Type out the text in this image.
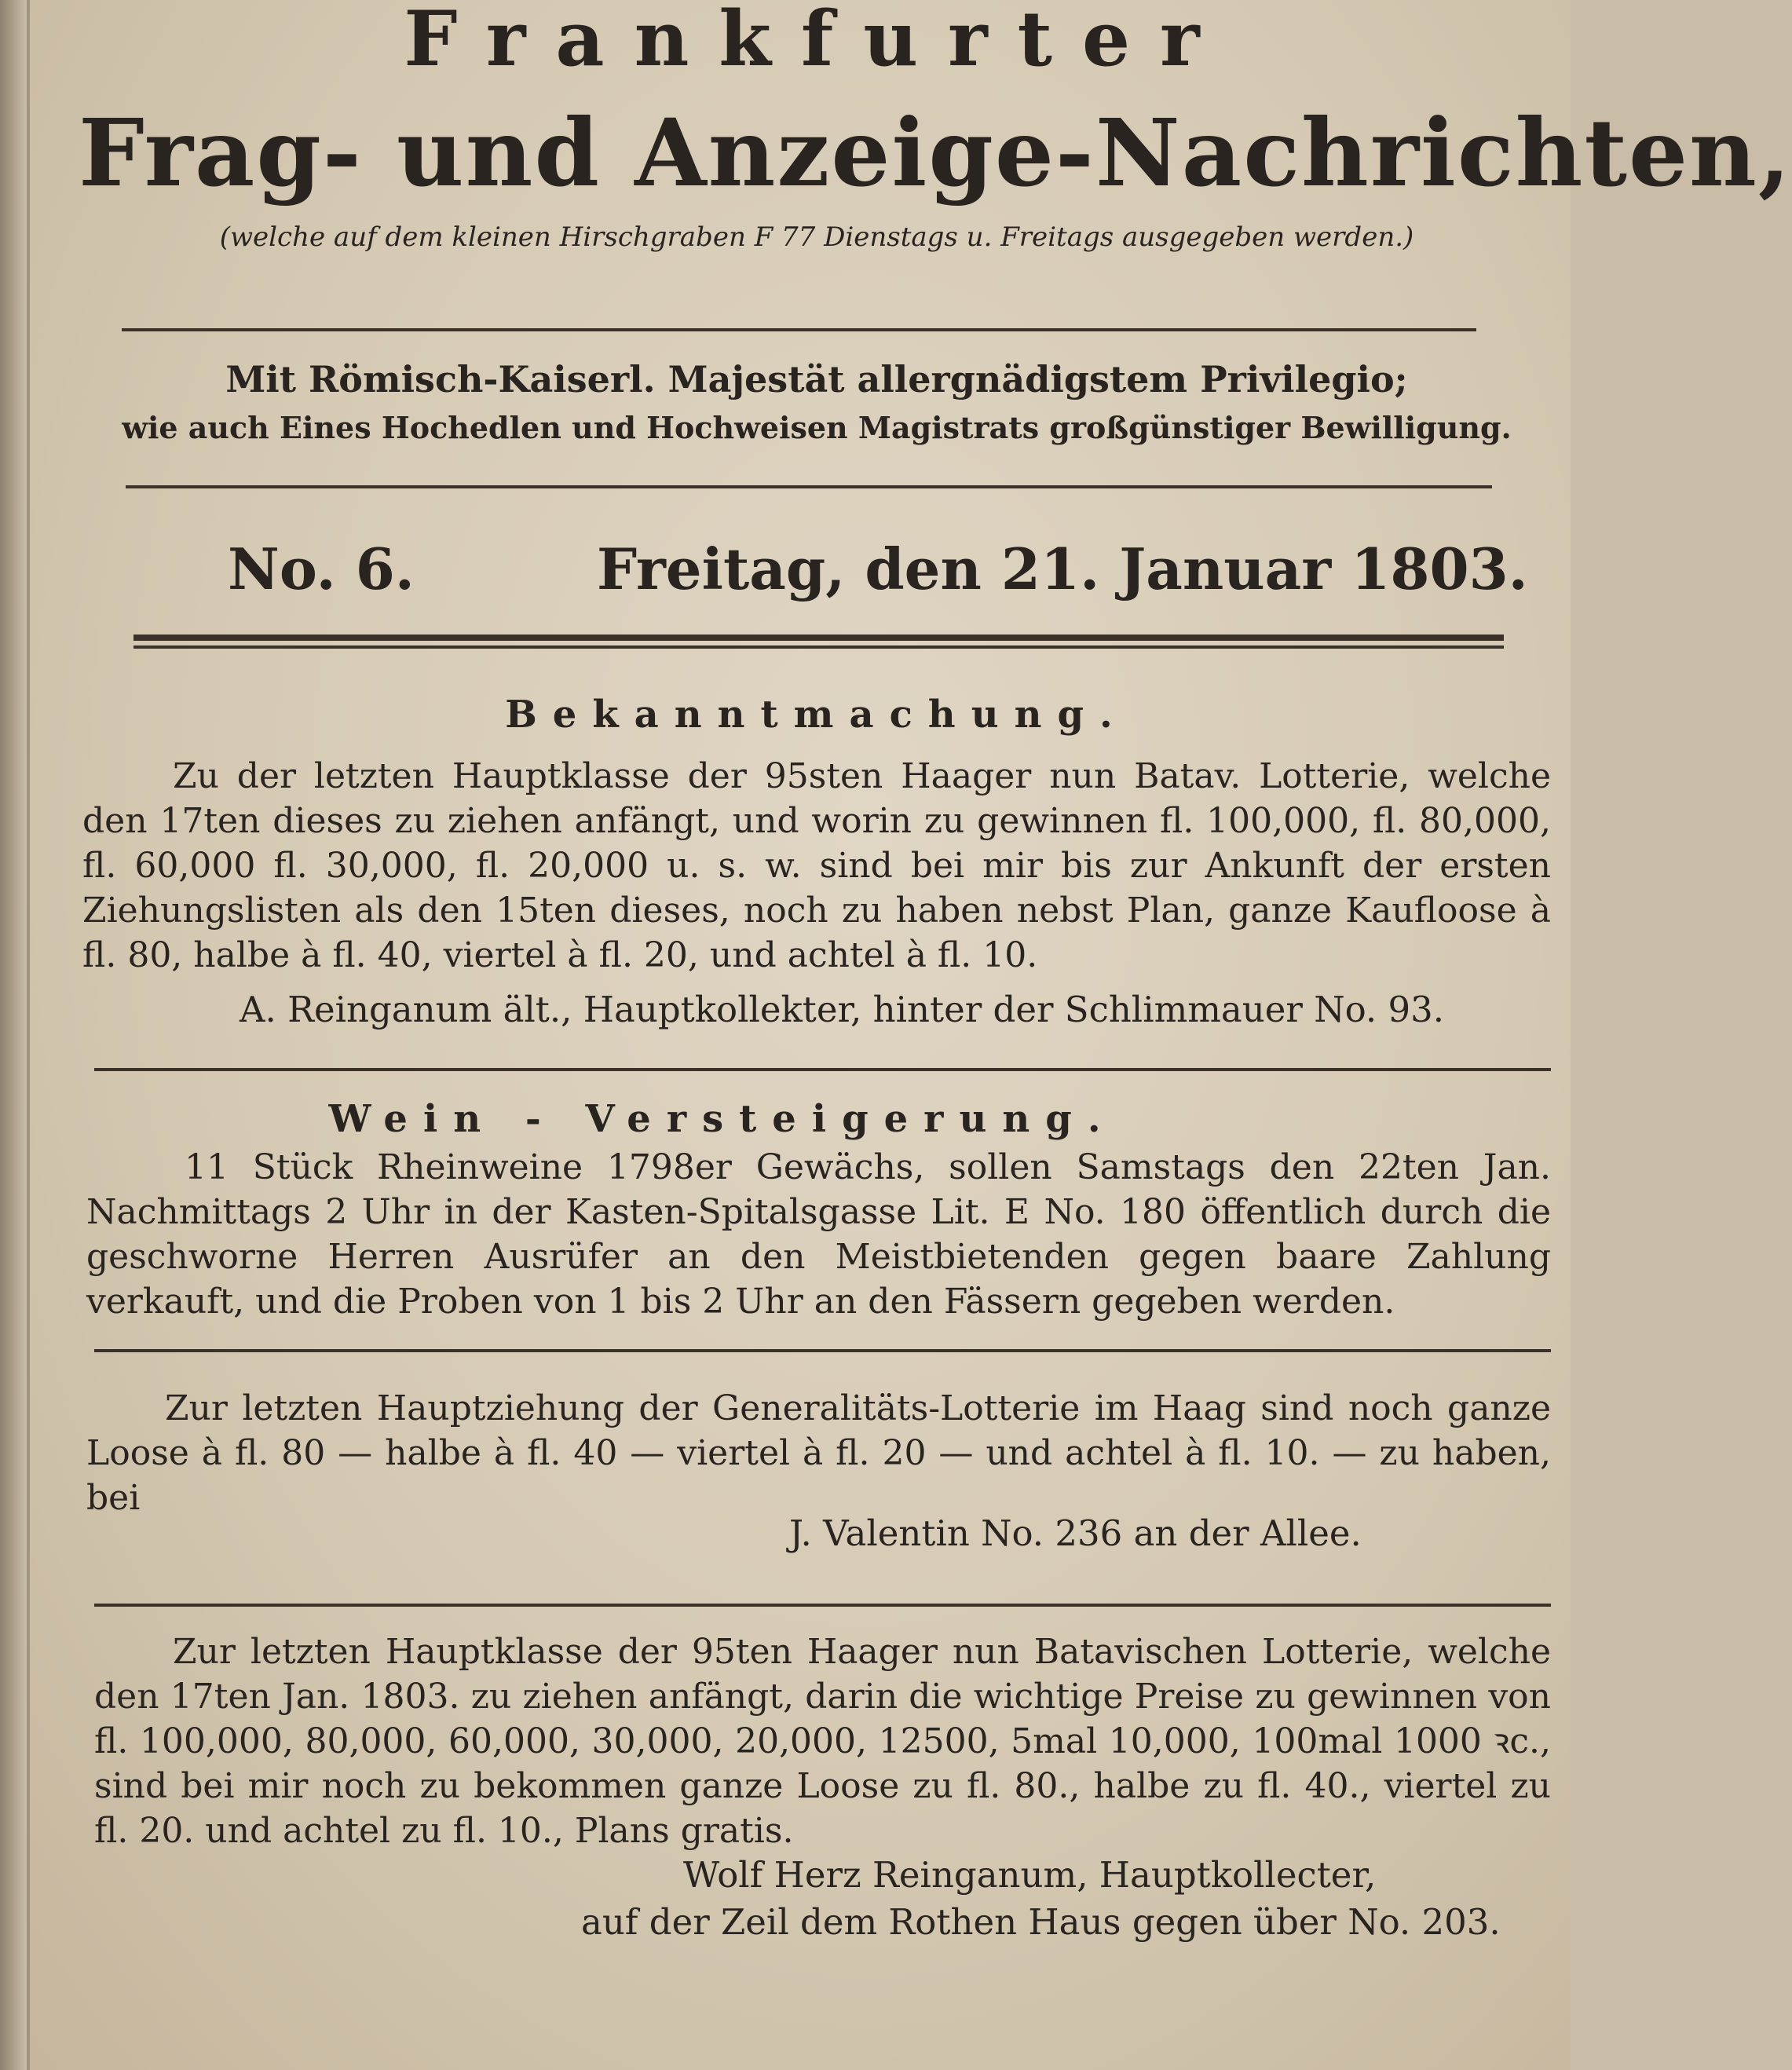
Frankfurter
Frag- und Anzeige-Nachrichten,
(welche auf dem kleinen Hirschgraben F 77 Dienstags u. Freitags ausgegeben werden.)
Mit Römisch-Kaiserl. Majestät allergnädigstem Privilegio;
wie auch Eines Hochedlen und Hochweisen Magistrats großgünstiger Bewilligung.
No. 6.	Freitag, den 21. Januar 1803.
Bekanntmachung.
Zu der letzten Hauptklasse der 95sten Haager nun Batav. Lotterie, welche den 17ten dieses zu ziehen anfängt, und worin zu gewinnen fl. 100,000, fl. 80,000, fl. 60,000 fl. 30,000, fl. 20,000 u. s. w. sind bei mir bis zur Ankunft der ersten Ziehungslisten als den 15ten dieses, noch zu haben nebst Plan, ganze Kaufloose à fl. 80, halbe à fl. 40, viertel à fl. 20, und achtel à fl. 10.
A. Reinganum ält., Hauptkollekter, hinter der Schlimmauer No. 93.
Wein - Versteigerung.
11 Stück Rheinweine 1798er Gewächs, sollen Samstags den 22ten Jan. Nachmittags 2 Uhr in der Kasten-Spitalsgasse Lit. E No. 180 öffentlich durch die geschworne Herren Ausrüfer an den Meistbietenden gegen baare Zahlung verkauft, und die Proben von 1 bis 2 Uhr an den Fässern gegeben werden.
Zur letzten Hauptziehung der Generalitäts-Lotterie im Haag sind noch ganze Loose à fl. 80 — halbe à fl. 40 — viertel à fl. 20 — und achtel à fl. 10. — zu haben, bei
J. Valentin No. 236 an der Allee.
Zur letzten Hauptklasse der 95ten Haager nun Batavischen Lotterie, welche den 17ten Jan. 1803. zu ziehen anfängt, darin die wichtige Preise zu gewinnen von fl. 100,000, 80,000, 60,000, 30,000, 20,000, 12500, 5mal 10,000, 100mal 1000 ꝛc., sind bei mir noch zu bekommen ganze Loose zu fl. 80., halbe zu fl. 40., viertel zu fl. 20. und achtel zu fl. 10., Plans gratis.
Wolf Herz Reinganum, Hauptkollecter,
auf der Zeil dem Rothen Haus gegen über No. 203.
